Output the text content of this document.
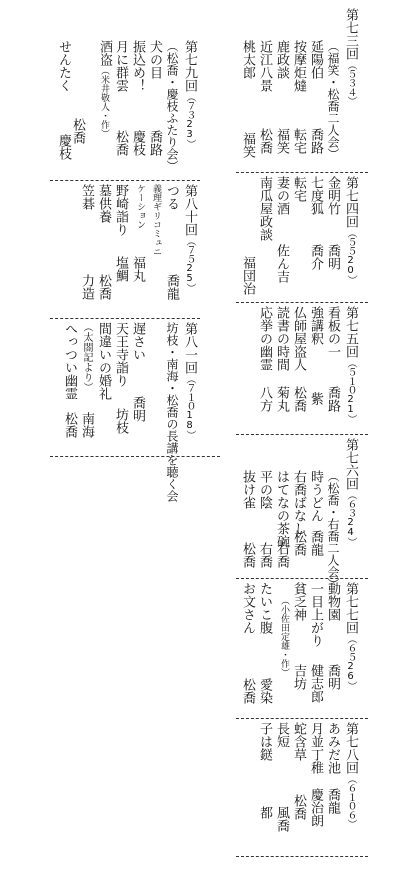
第七三回（５３４）
（福笑・松喬二人会）
延陽伯
按摩炬燵
鹿政談
近江八景
桃太郎
喬路
転宅
福笑
松喬
福笑
第七四回（５５20）
金明竹
七度狐
転宅
妻の酒
南瓜屋政談
喬明
喬介
佐ん吉
福団治
第七五回（５１０21）
看板の一
強講釈
仏師屋盗人
読書の時間
応挙の幽霊
喬路
紫
松喬
菊丸
八方
第七六回（６３24）
（松喬・右喬二人会）
時うどん
右喬ばなし
はてなの茶碗
平の陰
抜け雀
喬龍
松喬
右喬
右喬
松喬
第七七回（６５26）
動物園
一目上がり
貧乏神
（小佐田定雄・作）
たいこ腹
お文さん
喬明
健志郎
吉坊
愛染
松喬
第七八回（６１０６）
あみだ池
月並丁稚
蛇含草
長短
子は鎹
喬龍
慶治朗
松喬
風喬
都
第七九回（７３23）
（松喬・慶枝ふたり会）
犬の目
振込め！
月に群雲
酒盗（米井敬人・作）
せんたく
喬路
慶枝
松喬
慶枝
松喬
第八十回（７５25）
つる
義理ギリコミュニ
ケーション
野崎詣り
墓供養
笠碁
喬龍
福丸
塩鯛
松喬
力造
第八一回（７１０18）
坊枝・南海・松喬の長講を聴く会
遅さい
天王寺詣り
間違いの婚礼
（太閤記より）
へっつい幽霊
喬明
坊枝
南海
松喬
